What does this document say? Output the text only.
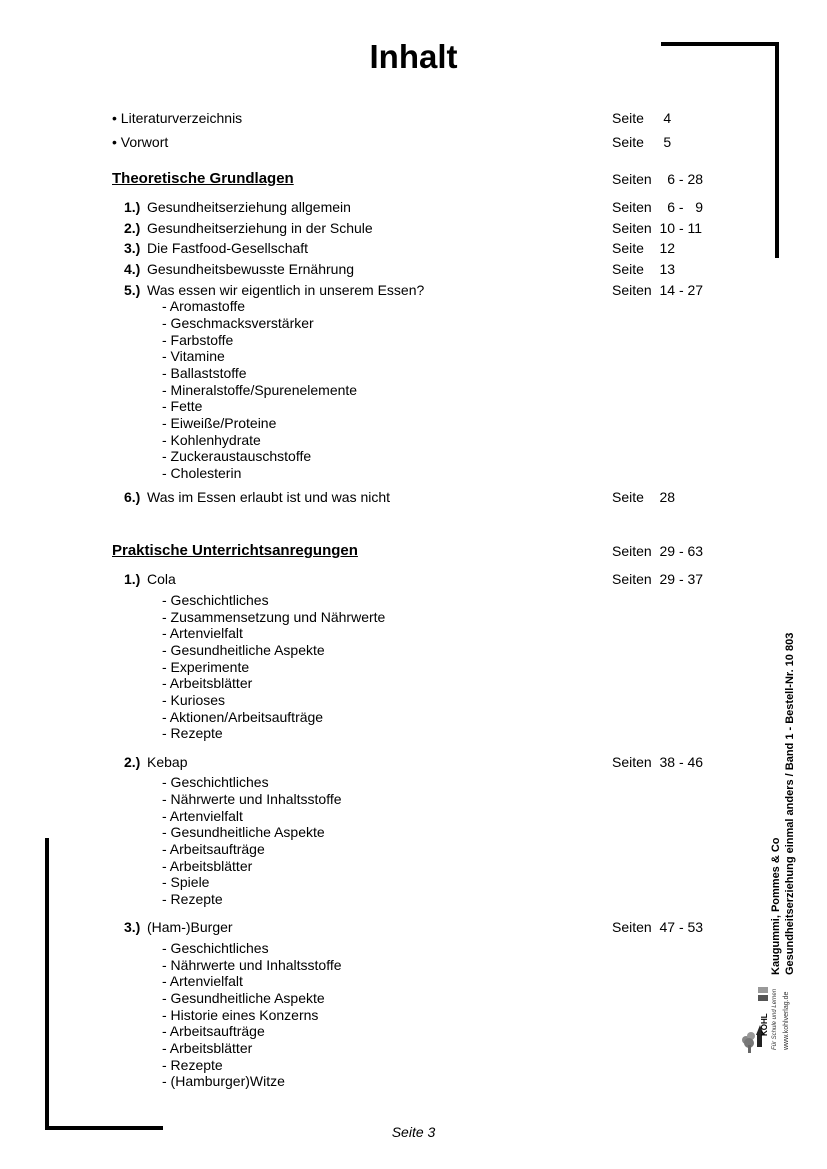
Inhalt
• Literaturverzeichnis	Seite     4
• Vorwort	Seite     5
Theoretische Grundlagen	Seiten    6 - 28
1.) Gesundheitserziehung allgemein	Seiten    6 -   9
2.) Gesundheitserziehung in der Schule	Seiten  10 - 11
3.) Die Fastfood-Gesellschaft	Seite    12
4.) Gesundheitsbewusste Ernährung	Seite    13
5.) Was essen wir eigentlich in unserem Essen?	Seiten  14 - 27
- Aromastoffe
- Geschmacksverstärker
- Farbstoffe
- Vitamine
- Ballaststoffe
- Mineralstoffe/Spurenelemente
- Fette
- Eiweiße/Proteine
- Kohlenhydrate
- Zuckeraustauschstoffe
- Cholesterin
6.) Was im Essen erlaubt ist und was nicht	Seite    28
Praktische Unterrichtsanregungen	Seiten  29 - 63
1.) Cola	Seiten  29 - 37
- Geschichtliches
- Zusammensetzung und Nährwerte
- Artenvielfalt
- Gesundheitliche Aspekte
- Experimente
- Arbeitsblätter
- Kurioses
- Aktionen/Arbeitsaufträge
- Rezepte
2.) Kebap	Seiten  38 - 46
- Geschichtliches
- Nährwerte und Inhaltsstoffe
- Artenvielfalt
- Gesundheitliche Aspekte
- Arbeitsaufträge
- Arbeitsblätter
- Spiele
- Rezepte
3.) (Ham-)Burger	Seiten  47 - 53
- Geschichtliches
- Nährwerte und Inhaltsstoffe
- Artenvielfalt
- Gesundheitliche Aspekte
- Historie eines Konzerns
- Arbeitsaufträge
- Arbeitsblätter
- Rezepte
- (Hamburger)Witze
Kaugummi, Pommes & Co Gesundheitserziehung einmal anders / Band 1 - Bestell-Nr. 10 803
KOHL Für Schule und Lernen www.kohlverlag.de
Seite 3
